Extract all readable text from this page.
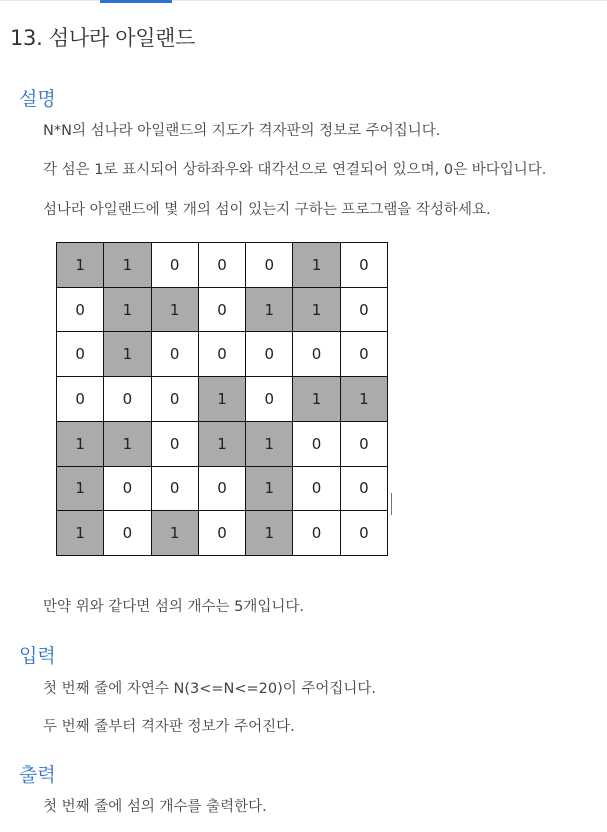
13. 섬나라 아일랜드
설명
N*N의 섬나라 아일랜드의 지도가 격자판의 정보로 주어집니다.
각 섬은 1로 표시되어 상하좌우와 대각선으로 연결되어 있으며, 0은 바다입니다.
섬나라 아일랜드에 몇 개의 섬이 있는지 구하는 프로그램을 작성하세요.
1	1	0	0	0	1	0
0	1	1	0	1	1	0
0	1	0	0	0	0	0
0	0	0	1	0	1	1
1	1	0	1	1	0	0
1	0	0	0	1	0	0
1	0	1	0	1	0	0
만약 위와 같다면 섬의 개수는 5개입니다.
입력
첫 번째 줄에 자연수 N(3<=N<=20)이 주어집니다.
두 번째 줄부터 격자판 정보가 주어진다.
출력
첫 번째 줄에 섬의 개수를 출력한다.
